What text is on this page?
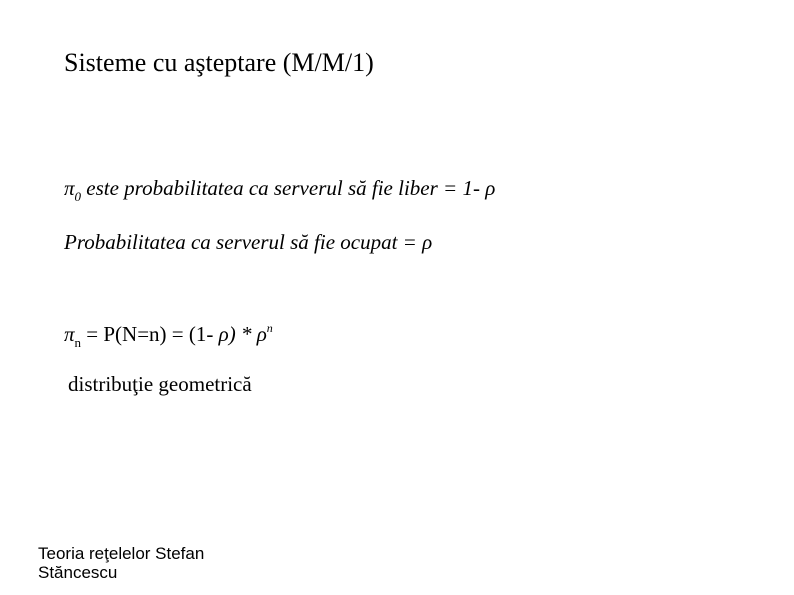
Sisteme cu aşteptare (M/M/1)
$\pi_0$ este probabilitatea ca serverul să fie liber = 1- ρ
Probabilitatea ca serverul să fie ocupat = ρ
$\pi_n = P(N=n) = (1-$ $\rho) * \rho^n$
distribuţie geometrică
Teoria reţelelor Stefan
Stăncescu
